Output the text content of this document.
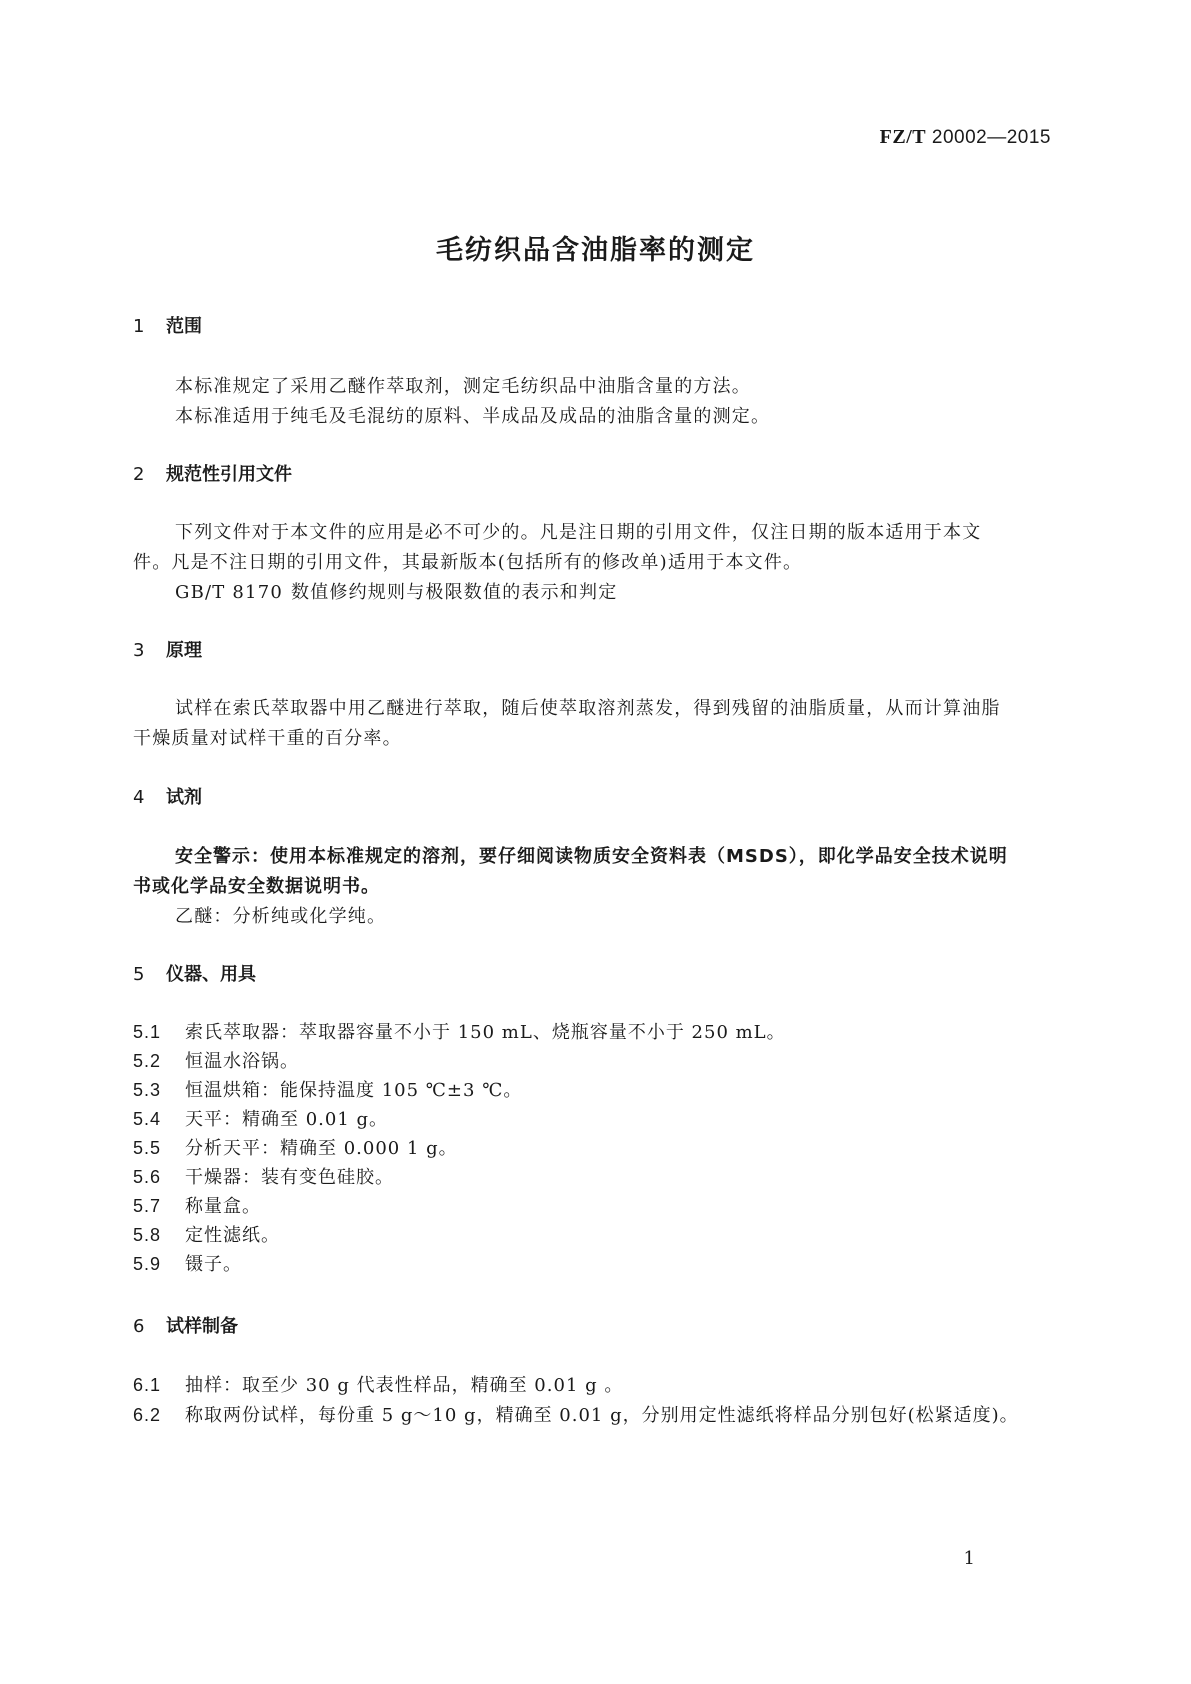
FZ/T 20002—2015
毛纺织品含油脂率的测定
1 范围
本标准规定了采用乙醚作萃取剂，测定毛纺织品中油脂含量的方法。
本标准适用于纯毛及毛混纺的原料、半成品及成品的油脂含量的测定。
2 规范性引用文件
下列文件对于本文件的应用是必不可少的。凡是注日期的引用文件，仅注日期的版本适用于本文
件。凡是不注日期的引用文件，其最新版本(包括所有的修改单)适用于本文件。
GB/T 8170 数值修约规则与极限数值的表示和判定
3 原理
试样在索氏萃取器中用乙醚进行萃取，随后使萃取溶剂蒸发，得到残留的油脂质量，从而计算油脂
干燥质量对试样干重的百分率。
4 试剂
安全警示：使用本标准规定的溶剂，要仔细阅读物质安全资料表（MSDS），即化学品安全技术说明
书或化学品安全数据说明书。
乙醚：分析纯或化学纯。
5 仪器、用具
5.1 索氏萃取器：萃取器容量不小于 150 mL、烧瓶容量不小于 250 mL。
5.2 恒温水浴锅。
5.3 恒温烘箱：能保持温度 105 ℃±3 ℃。
5.4 天平：精确至 0.01 g。
5.5 分析天平：精确至 0.000 1 g。
5.6 干燥器：装有变色硅胶。
5.7 称量盒。
5.8 定性滤纸。
5.9 镊子。
6 试样制备
6.1 抽样：取至少 30 g 代表性样品，精确至 0.01 g 。
6.2 称取两份试样，每份重 5 g～10 g，精确至 0.01 g，分别用定性滤纸将样品分别包好(松紧适度)。
1
